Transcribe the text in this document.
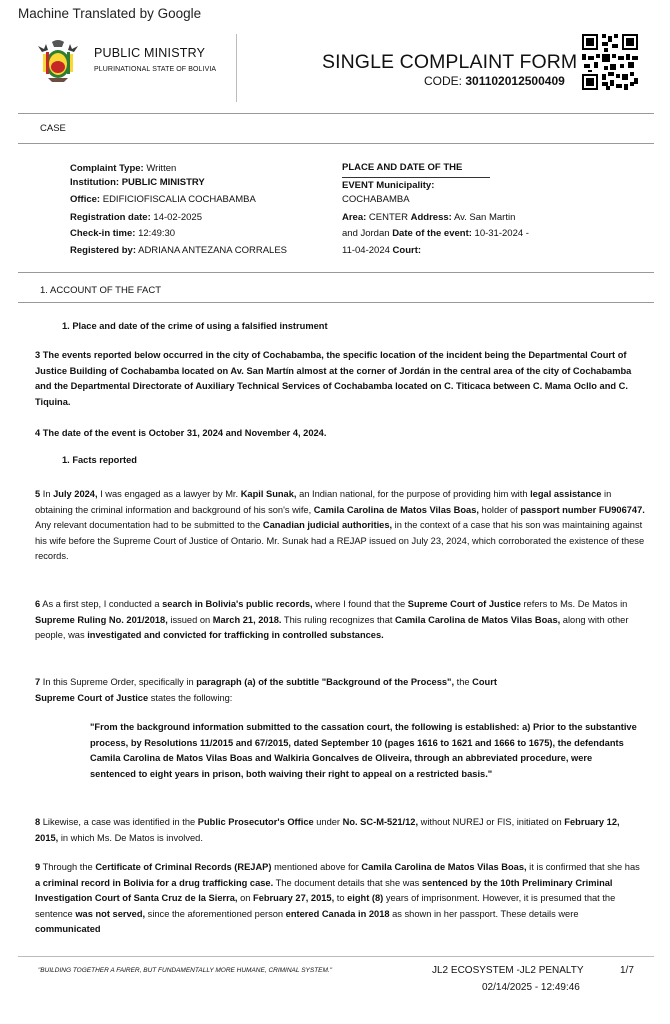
Machine Translated by Google
PUBLIC MINISTRY
PLURINATIONAL STATE OF BOLIVIA	SINGLE COMPLAINT FORM
CODE: 301102012500409
CASE
Complaint Type: Written
Institution: PUBLIC MINISTRY
Office: EDIFICIOFISCALIA COCHABAMBA
Registration date: 14-02-2025
Check-in time: 12:49:30
Registered by: ADRIANA ANTEZANA CORRALES
PLACE AND DATE OF THE
EVENT Municipality:
COCHABAMBA
Area: CENTER Address: Av. San Martin
and Jordan Date of the event: 10-31-2024 -
11-04-2024 Court:
1. ACCOUNT OF THE FACT
1. Place and date of the crime of using a falsified instrument
3 The events reported below occurred in the city of Cochabamba, the specific location of the incident being the Departmental Court of Justice Building of Cochabamba located on Av. San Martín almost at the corner of Jordán in the central area of the city of Cochabamba and the Departmental Directorate of Auxiliary Technical Services of Cochabamba located on C. Titicaca between C. Mama Ocllo and C. Tiquina.
4 The date of the event is October 31, 2024 and November 4, 2024.
1. Facts reported
5 In July 2024, I was engaged as a lawyer by Mr. Kapil Sunak, an Indian national, for the purpose of providing him with legal assistance in obtaining the criminal information and background of his son's wife, Camila Carolina de Matos Vilas Boas, holder of passport number FU906747. Any relevant documentation had to be submitted to the Canadian judicial authorities, in the context of a case that his son was maintaining against his wife before the Supreme Court of Justice of Ontario. Mr. Sunak had a REJAP issued on July 23, 2024, which corroborated the existence of these records.
6 As a first step, I conducted a search in Bolivia's public records, where I found that the Supreme Court of Justice refers to Ms. De Matos in Supreme Ruling No. 201/2018, issued on March 21, 2018. This ruling recognizes that Camila Carolina de Matos Vilas Boas, along with other people, was investigated and convicted for trafficking in controlled substances.
7 In this Supreme Order, specifically in paragraph (a) of the subtitle "Background of the Process", the Court
Supreme Court of Justice states the following:
"From the background information submitted to the cassation court, the following is established: a) Prior to the substantive process, by Resolutions 11/2015 and 67/2015, dated September 10 (pages 1616 to 1621 and 1666 to 1675), the defendants Camila Carolina de Matos Vilas Boas and Walkiria Goncalves de Oliveira, through an abbreviated procedure, were sentenced to eight years in prison, both waiving their right to appeal on a restricted basis."
8 Likewise, a case was identified in the Public Prosecutor's Office under No. SC-M-521/12, without NUREJ or FIS, initiated on February 12, 2015, in which Ms. De Matos is involved.
9 Through the Certificate of Criminal Records (REJAP) mentioned above for Camila Carolina de Matos Vilas Boas, it is confirmed that she has a criminal record in Bolivia for a drug trafficking case. The document details that she was sentenced by the 10th Preliminary Criminal Investigation Court of Santa Cruz de la Sierra, on February 27, 2015, to eight (8) years of imprisonment. However, it is presumed that the sentence was not served, since the aforementioned person entered Canada in 2018 as shown in her passport. These details were communicated
"BUILDING TOGETHER A FAIRER, BUT FUNDAMENTALLY MORE HUMANE, CRIMINAL SYSTEM."	JL2 ECOSYSTEM -JL2 PENALTY	1/7
02/14/2025 - 12:49:46
